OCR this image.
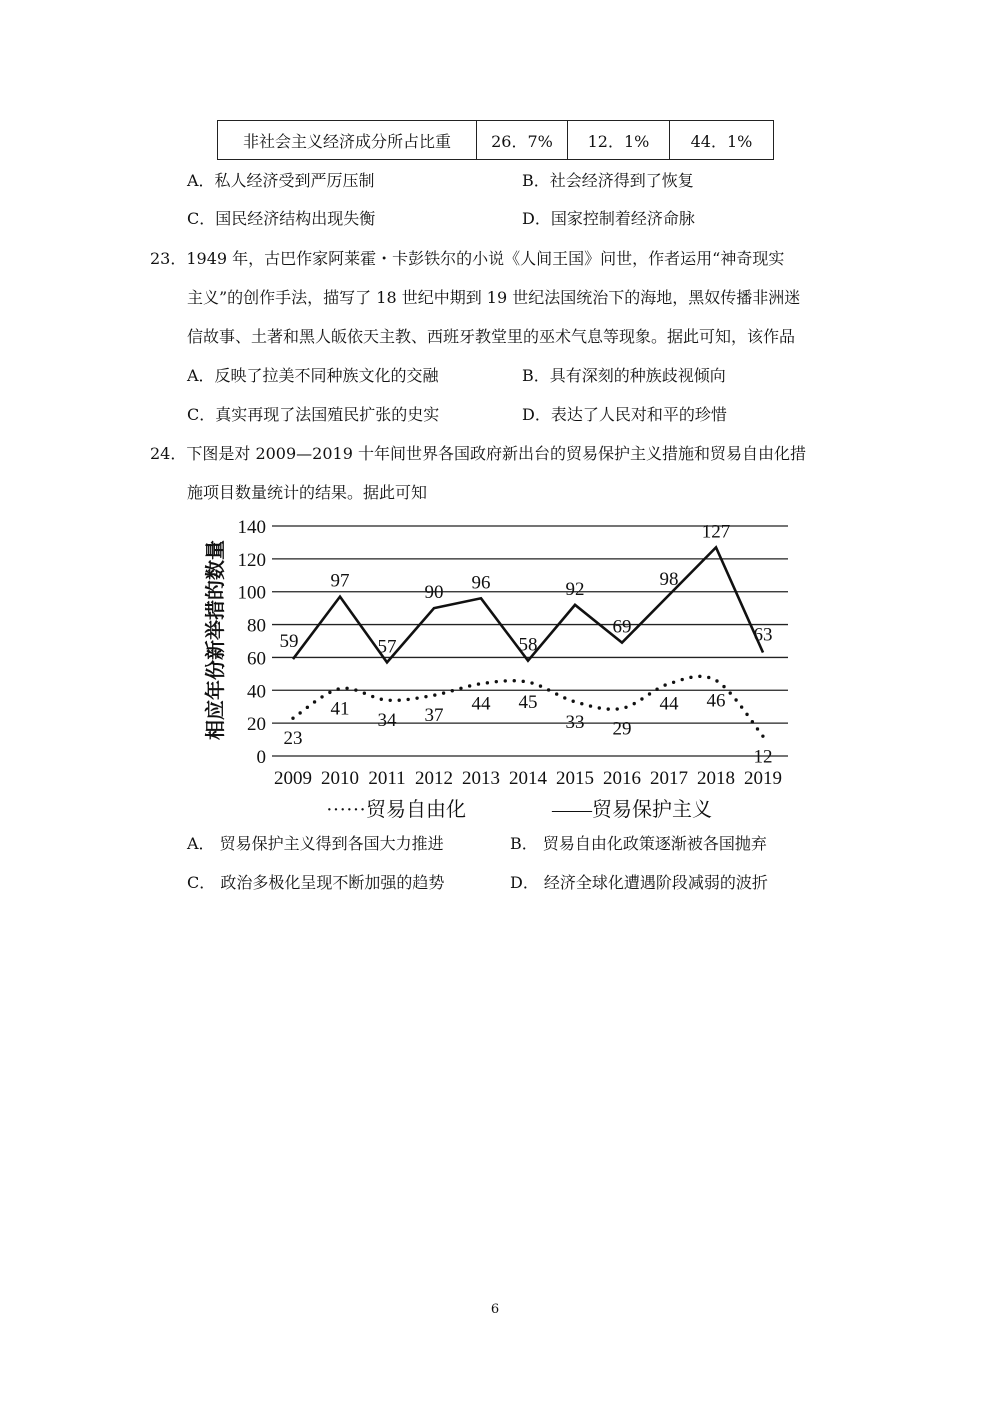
非社会主义经济成分所占比重	26．7%	12．1%	44．1%
A．私人经济受到严厉压制	B．社会经济得到了恢复
C．国民经济结构出现失衡	D．国家控制着经济命脉
23．1949 年，古巴作家阿莱霍・卡彭铁尔的小说《人间王国》问世，作者运用“神奇现实
主义”的创作手法，描写了 18 世纪中期到 19 世纪法国统治下的海地，黑奴传播非洲迷
信故事、土著和黑人皈依天主教、西班牙教堂里的巫术气息等现象。据此可知，该作品
A．反映了拉美不同种族文化的交融	B．具有深刻的种族歧视倾向
C．真实再现了法国殖民扩张的史实	D．表达了人民对和平的珍惜
24．下图是对 2009—2019 十年间世界各国政府新出台的贸易保护主义措施和贸易自由化措
施项目数量统计的结果。据此可知
0
20
40
60
80
100
120
140
2009 2010 2011 2012 2013 2014 2015 2016 2017 2018 2019
59
97
57
90 96
58
92
69
98
127
63
23
41
34 37
44 45
33 29
44 46
12
相应年份新举措的数量
······贸易自由化	——贸易保护主义
A． 贸易保护主义得到各国大力推进	B． 贸易自由化政策逐渐被各国抛弃
C． 政治多极化呈现不断加强的趋势	D． 经济全球化遭遇阶段减弱的波折
6
